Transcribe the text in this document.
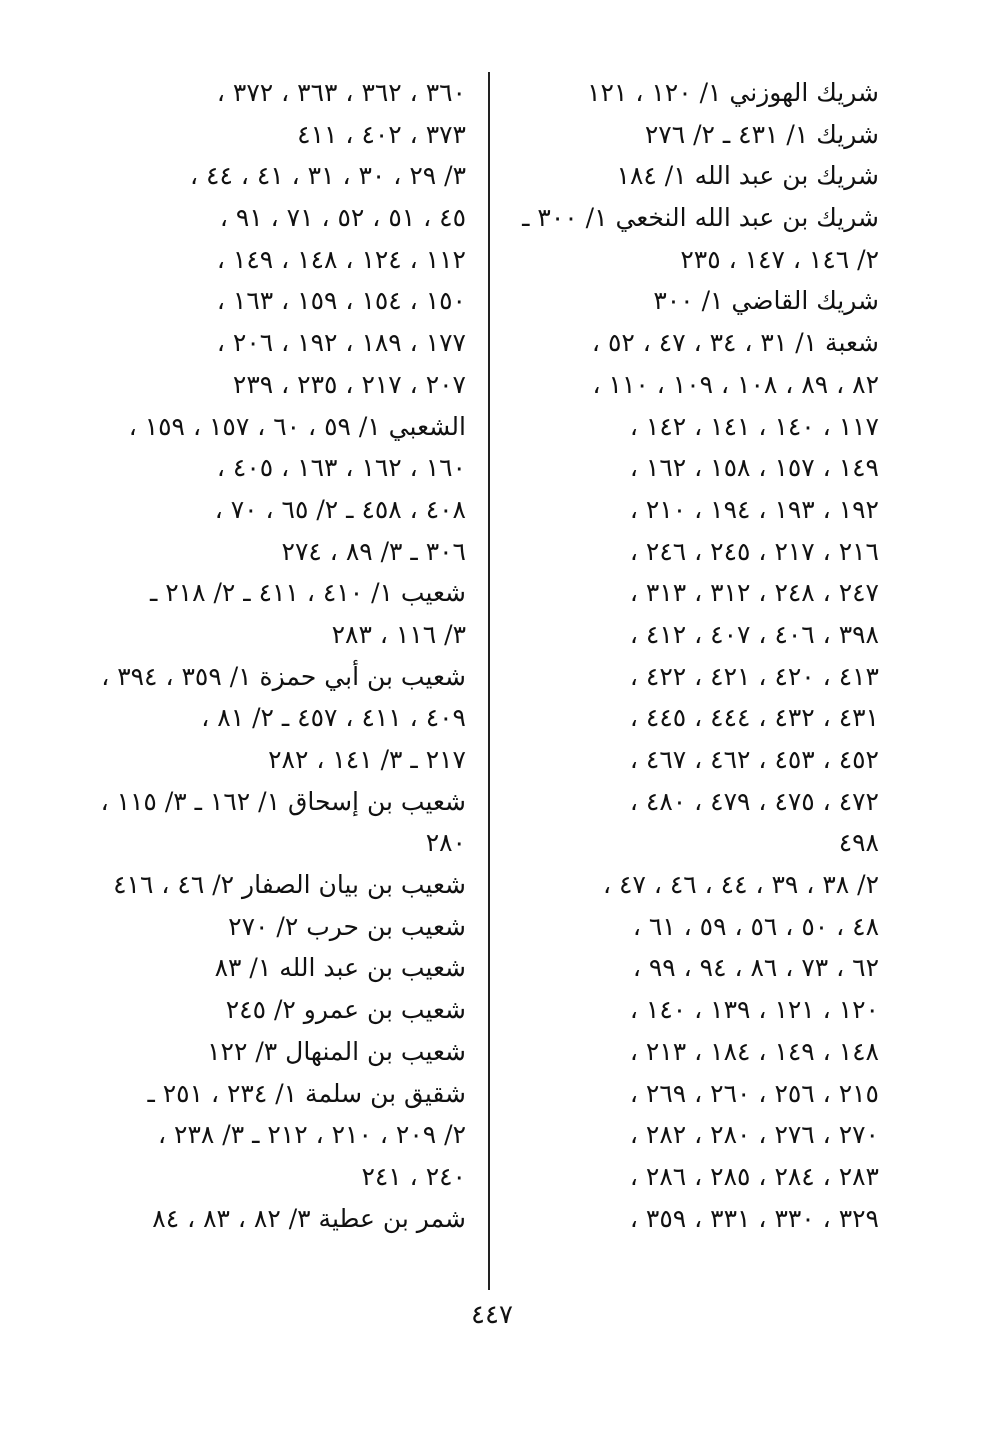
شريك الهوزني ١/ ١٢٠ ، ١٢١
شريك ١/ ٤٣١ ـ ٢/ ٢٧٦
شريك بن عبد الله ١/ ١٨٤
شريك بن عبد الله النخعي ١/ ٣٠٠ ـ
٢/ ١٤٦ ، ١٤٧ ، ٢٣٥
شريك القاضي ١/ ٣٠٠
شعبة ١/ ٣١ ، ٣٤ ، ٤٧ ، ٥٢ ،
٨٢ ، ٨٩ ، ١٠٨ ، ١٠٩ ، ١١٠ ،
١١٧ ، ١٤٠ ، ١٤١ ، ١٤٢ ،
١٤٩ ، ١٥٧ ، ١٥٨ ، ١٦٢ ،
١٩٢ ، ١٩٣ ، ١٩٤ ، ٢١٠ ،
٢١٦ ، ٢١٧ ، ٢٤٥ ، ٢٤٦ ،
٢٤٧ ، ٢٤٨ ، ٣١٢ ، ٣١٣ ،
٣٩٨ ، ٤٠٦ ، ٤٠٧ ، ٤١٢ ،
٤١٣ ، ٤٢٠ ، ٤٢١ ، ٤٢٢ ،
٤٣١ ، ٤٣٢ ، ٤٤٤ ، ٤٤٥ ،
٤٥٢ ، ٤٥٣ ، ٤٦٢ ، ٤٦٧ ،
٤٧٢ ، ٤٧٥ ، ٤٧٩ ، ٤٨٠ ،
٤٩٨
٢/ ٣٨ ، ٣٩ ، ٤٤ ، ٤٦ ، ٤٧ ،
٤٨ ، ٥٠ ، ٥٦ ، ٥٩ ، ٦١ ،
٦٢ ، ٧٣ ، ٨٦ ، ٩٤ ، ٩٩ ،
١٢٠ ، ١٢١ ، ١٣٩ ، ١٤٠ ،
١٤٨ ، ١٤٩ ، ١٨٤ ، ٢١٣ ،
٢١٥ ، ٢٥٦ ، ٢٦٠ ، ٢٦٩ ،
٢٧٠ ، ٢٧٦ ، ٢٨٠ ، ٢٨٢ ،
٢٨٣ ، ٢٨٤ ، ٢٨٥ ، ٢٨٦ ،
٣٢٩ ، ٣٣٠ ، ٣٣١ ، ٣٥٩ ،
٣٦٠ ، ٣٦٢ ، ٣٦٣ ، ٣٧٢ ،
٣٧٣ ، ٤٠٢ ، ٤١١
٣/ ٢٩ ، ٣٠ ، ٣١ ، ٤١ ، ٤٤ ،
٤٥ ، ٥١ ، ٥٢ ، ٧١ ، ٩١ ،
١١٢ ، ١٢٤ ، ١٤٨ ، ١٤٩ ،
١٥٠ ، ١٥٤ ، ١٥٩ ، ١٦٣ ،
١٧٧ ، ١٨٩ ، ١٩٢ ، ٢٠٦ ،
٢٠٧ ، ٢١٧ ، ٢٣٥ ، ٢٣٩
الشعبي ١/ ٥٩ ، ٦٠ ، ١٥٧ ، ١٥٩ ،
١٦٠ ، ١٦٢ ، ١٦٣ ، ٤٠٥ ،
٤٠٨ ، ٤٥٨ ـ ٢/ ٦٥ ، ٧٠ ،
٣٠٦ ـ ٣/ ٨٩ ، ٢٧٤
شعيب ١/ ٤١٠ ، ٤١١ ـ ٢/ ٢١٨ ـ
٣/ ١١٦ ، ٢٨٣
شعيب بن أبي حمزة ١/ ٣٥٩ ، ٣٩٤ ،
٤٠٩ ، ٤١١ ، ٤٥٧ ـ ٢/ ٨١ ،
٢١٧ ـ ٣/ ١٤١ ، ٢٨٢
شعيب بن إسحاق ١/ ١٦٢ ـ ٣/ ١١٥ ،
٢٨٠
شعيب بن بيان الصفار ٢/ ٤٦ ، ٤١٦
شعيب بن حرب ٢/ ٢٧٠
شعيب بن عبد الله ١/ ٨٣
شعيب بن عمرو ٢/ ٢٤٥
شعيب بن المنهال ٣/ ١٢٢
شقيق بن سلمة ١/ ٢٣٤ ، ٢٥١ ـ
٢/ ٢٠٩ ، ٢١٠ ، ٢١٢ ـ ٣/ ٢٣٨ ،
٢٤٠ ، ٢٤١
شمر بن عطية ٣/ ٨٢ ، ٨٣ ، ٨٤
٤٤٧
